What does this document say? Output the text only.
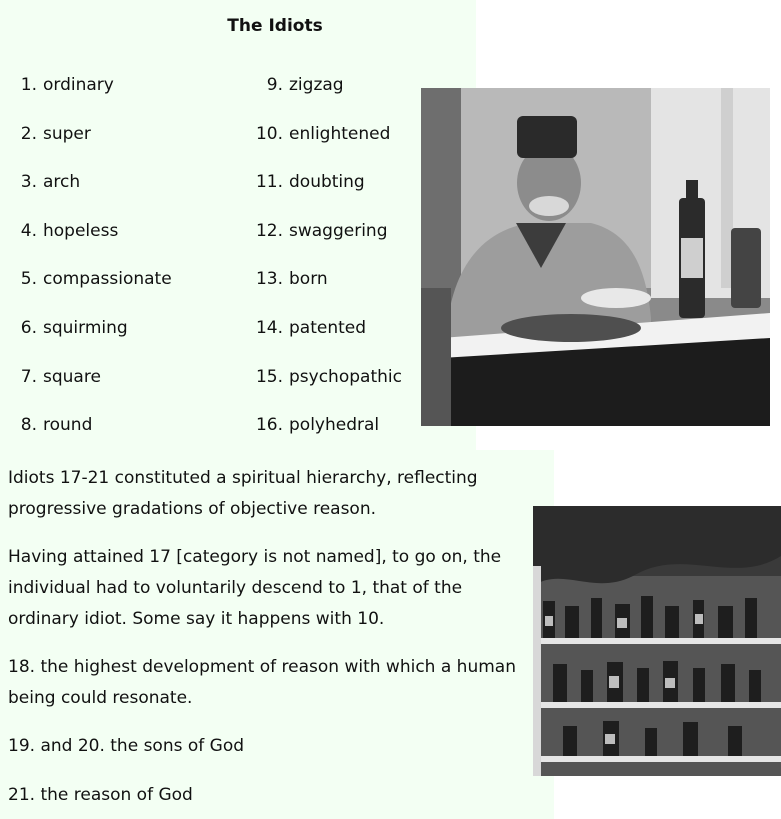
The Idiots
1. ordinary
2. super
3. arch
4. hopeless
5. compassionate
6. squirming
7. square
8. round
9. zigzag
10. enlightened
11. doubting
12. swaggering
13. born
14. patented
15. psychopathic
16. polyhedral

Idiots 17-21 constituted a spiritual hierarchy, reflecting progressive gradations of objective reason.

Having attained 17 [category is not named], to go on, the individual had to voluntarily descend to 1, that of the ordinary idiot. Some say it happens with 10.

18. the highest development of reason with which a human being could resonate.

19. and 20. the sons of God

21. the reason of God
